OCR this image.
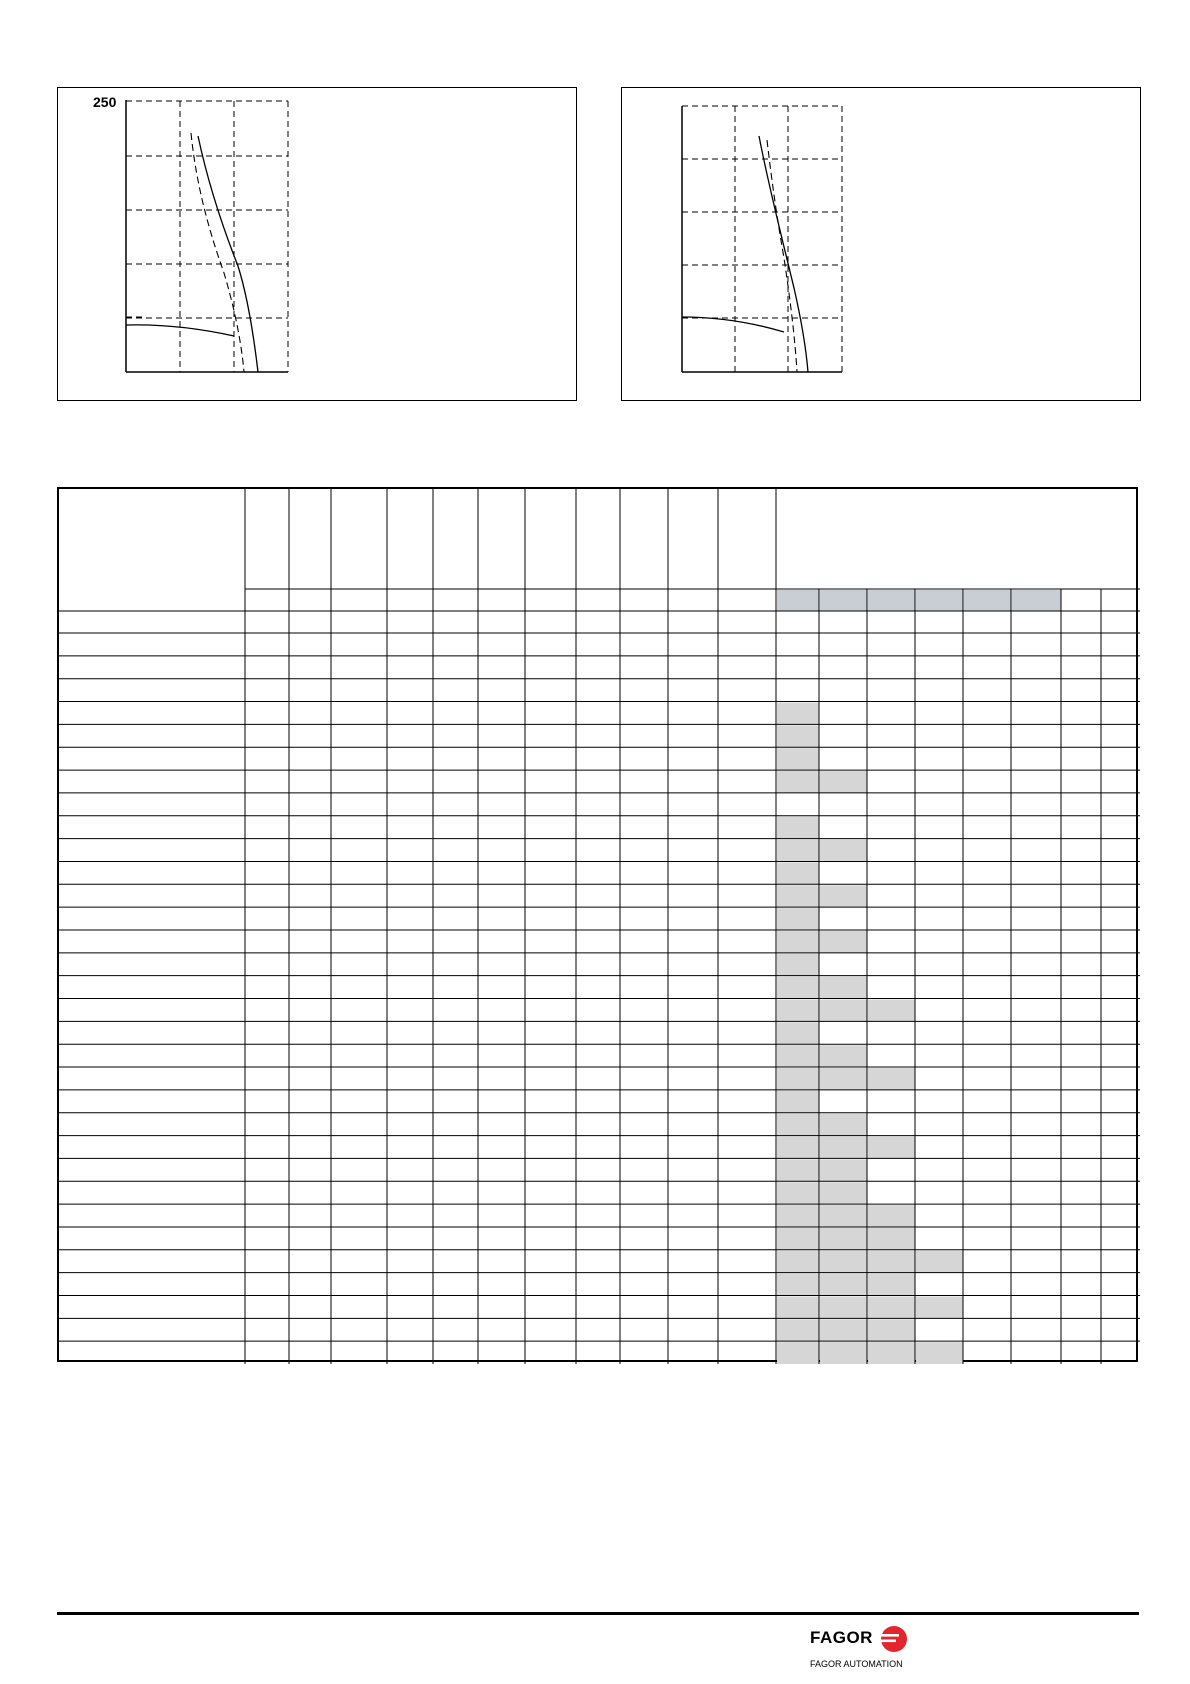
250
FAGOR
FAGOR AUTOMATION
